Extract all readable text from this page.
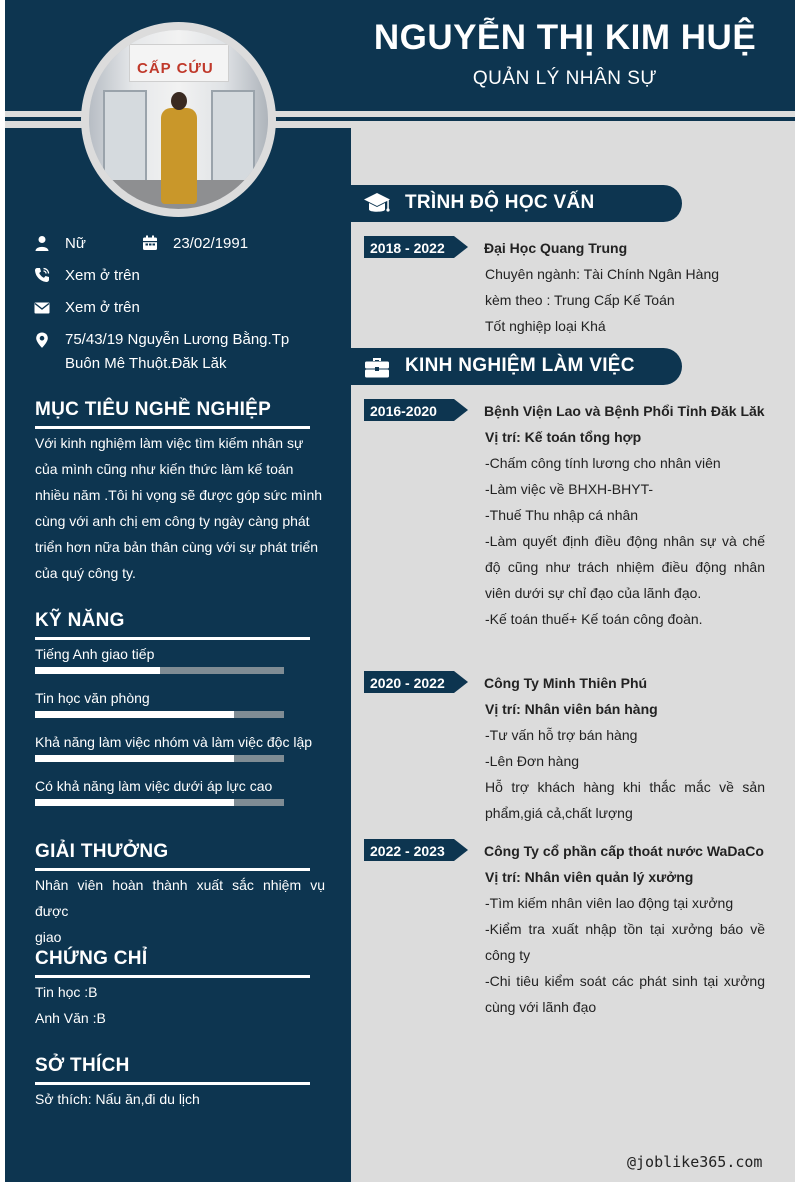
NGUYỄN THỊ KIM HUỆ
QUẢN LÝ NHÂN SỰ
CẤP CỨU
Nữ	23/02/1991
Xem ở trên
Xem ở trên
75/43/19 Nguyễn Lương Bằng.Tp
Buôn Mê Thuột.Đăk Lăk
MỤC TIÊU NGHỀ NGHIỆP
Với kinh nghiệm làm việc tìm kiếm nhân sự
của mình cũng như kiến thức làm kế toán
nhiều năm .Tôi hi vọng sẽ được góp sức mình
cùng với anh chị em công ty ngày càng phát
triển hơn nữa bản thân cùng với sự phát triển
của quý công ty.
KỸ NĂNG
Tiếng Anh giao tiếp
Tin học văn phòng
Khả năng làm việc nhóm và làm việc độc lập
Có khả năng làm việc dưới áp lực cao
GIẢI THƯỞNG
Nhân viên hoàn thành xuất sắc nhiệm vụ được
giao
CHỨNG CHỈ
Tin học :B
Anh Văn :B
SỞ THÍCH
Sở thích: Nấu ăn,đi du lịch
TRÌNH ĐỘ HỌC VẤN
2018 - 2022	Đại Học Quang Trung
Chuyên ngành: Tài Chính Ngân Hàng
kèm theo : Trung Cấp Kế Toán
Tốt nghiệp loại Khá
KINH NGHIỆM LÀM VIỆC
2016-2020	Bệnh Viện Lao và Bệnh Phổi Tỉnh Đăk Lăk
Vị trí: Kế toán tổng hợp
-Chấm công tính lương cho nhân viên
-Làm việc về BHXH-BHYT-
-Thuế Thu nhập cá nhân
-Làm quyết định điều động nhân sự và chế
độ cũng như trách nhiệm điều động nhân
viên dưới sự chỉ đạo của lãnh đạo.
-Kế toán thuế+ Kế toán công đoàn.
2020 - 2022	Công Ty Minh Thiên Phú
Vị trí: Nhân viên bán hàng
-Tư vấn hỗ trợ bán hàng
-Lên Đơn hàng
Hỗ trợ khách hàng khi thắc mắc về sản
phẩm,giá cả,chất lượng
2022 - 2023	Công Ty cổ phần cấp thoát nước WaDaCo
Vị trí: Nhân viên quản lý xưởng
-Tìm kiếm nhân viên lao động tại xưởng
-Kiểm tra xuất nhập tồn tại xưởng báo về
công ty
-Chi tiêu kiểm soát các phát sinh tại xưởng
cùng với lãnh đạo
@joblike365.com
